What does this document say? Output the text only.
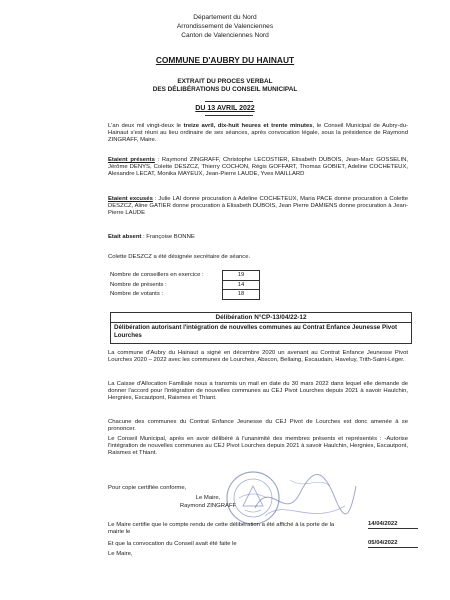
Département du Nord
Arrondissement de Valenciennes
Canton de Valenciennes Nord
COMMUNE D'AUBRY DU HAINAUT
EXTRAIT DU PROCES VERBAL
DES DÉLIBÉRATIONS DU CONSEIL MUNICIPAL
DU 13 AVRIL 2022
L'an deux mil vingt-deux le treize avril, dix-huit heures et trente minutes, le Conseil Municipal de Aubry-du-Hainaut s'est réuni au lieu ordinaire de ses séances, après convocation légale, sous la présidence de Raymond ZINGRAFF, Maire.
Etaient présents : Raymond ZINGRAFF, Christophe LECOSTIER, Elisabeth DUBOIS, Jean-Marc GOSSELIN, Jérôme DENYS, Colette DESZCZ, Thierry COCHON, Régis GOFFART, Thomas GOBIET, Adeline COCHETEUX, Alexandre LECAT, Monika MAYEUX, Jean-Pierre LAUDE, Yves MAILLARD
Etaient excusés : Julie LAI donne procuration à Adeline COCHETEUX, Maria PACE donne procuration à Colette DESZCZ, Aline GATIER donne procuration à Elisabeth DUBOIS, Jean Pierre DAMIENS donne procuration à Jean-Pierre LAUDE
Etait absent : Françoise BONNE
Colette DESZCZ a été désignée secrétaire de séance.
Nombre de conseillers en exercice :	19
Nombre de présents :	14
Nombre de votants :	18
Délibération N°CP-13/04/22-12
Délibération autorisant l'intégration de nouvelles communes au Contrat Enfance Jeunesse Pivot Lourches
La commune d'Aubry du Hainaut a signé en décembre 2020 un avenant au Contrat Enfance Jeunesse Pivot Lourches 2020 – 2022 avec les communes de Lourches, Abscon, Bellaing, Escaudain, Haveluy, Trith-Saint-Léger.
La Caisse d'Allocation Familiale nous a transmis un mail en date du 30 mars 2022 dans lequel elle demande de donner l'accord pour l'intégration de nouvelles communes au CEJ Pivot Lourches depuis 2021 à savoir Haulchin, Hergnies, Escautpont, Raismes et Thiant.
Chacune des communes du Contrat Enfance Jeunesse du CEJ Pivot de Lourches est donc amenée à se prononcer.
Le Conseil Municipal, après en avoir délibéré à l'unanimité des membres présents et représentés : -Autorise l'intégration de nouvelles communes au CEJ Pivot Lourches depuis 2021 à savoir Haulchin, Hergnies, Escautpont, Raismes et Thiant.
Pour copie certifiée conforme,
Le Maire,
Raymond ZINGRAFF
Le Maire certifie que le compte rendu de cette délibération a été affiché à la porte de la mairie le
14/04/2022
Et que la convocation du Conseil avait été faite le	05/04/2022
Le Maire,
